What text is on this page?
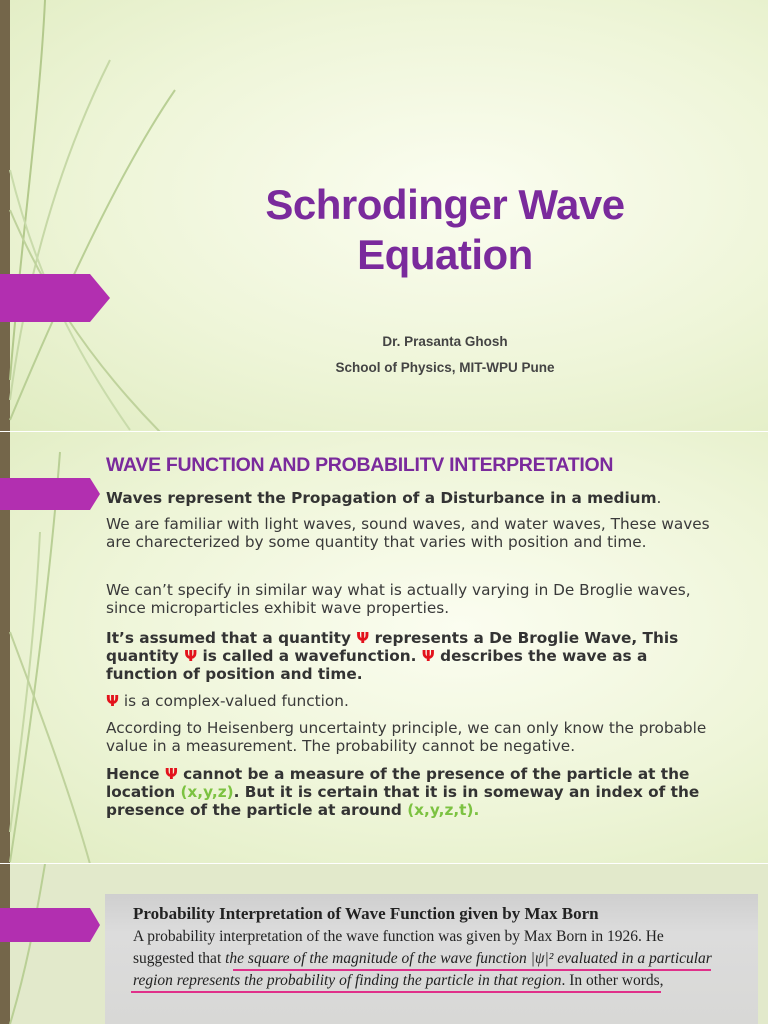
Schrodinger Wave
Equation
Dr. Prasanta Ghosh
School of Physics, MIT-WPU Pune
WAVE FUNCTION AND PROBABILITV INTERPRETATION
Waves represent the Propagation of a Disturbance in a medium.
We are familiar with light waves, sound waves, and water waves, These waves are charecterized by some quantity that varies with position and time.
We can’t specify in similar way what is actually varying in De Broglie waves, since microparticles exhibit wave properties.
It’s assumed that a quantity Ψ represents a De Broglie Wave, This quantity Ψ is called a wavefunction. Ψ describes the wave as a function of position and time.
Ψ is a complex-valued function.
According to Heisenberg uncertainty principle, we can only know the probable value in a measurement. The probability cannot be negative.
Hence Ψ cannot be a measure of the presence of the particle at the location (x,y,z). But it is certain that it is in someway an index of the presence of the particle at around (x,y,z,t).
Probability Interpretation of Wave Function given by Max Born
A probability interpretation of the wave function was given by Max Born in 1926. He
suggested that the square of the magnitude of the wave function |ψ|² evaluated in a particular
region represents the probability of finding the particle in that region. In other words,
